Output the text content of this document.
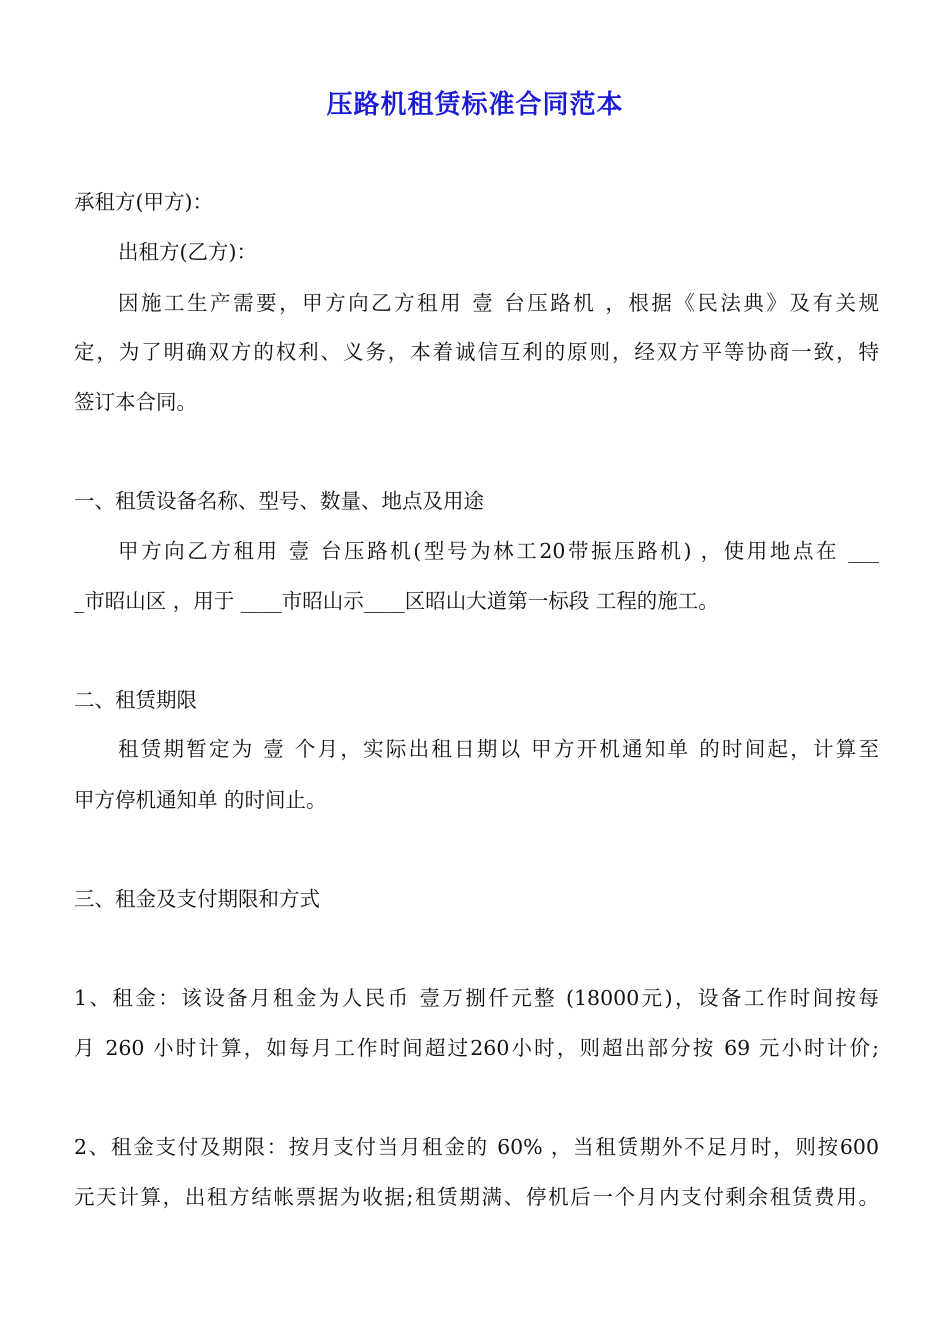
压路机租赁标准合同范本
承租方(甲方)：
出租方(乙方)：
因施工生产需要，甲方向乙方租用 壹 台压路机 ，根据《民法典》及有关规
定，为了明确双方的权利、义务，本着诚信互利的原则，经双方平等协商一致，特
签订本合同。
一、租赁设备名称、型号、数量、地点及用途
甲方向乙方租用 壹 台压路机(型号为林工20带振压路机) ，使用地点在 ___
_市昭山区 ，用于 ____市昭山示____区昭山大道第一标段 工程的施工。
二、租赁期限
租赁期暂定为 壹 个月，实际出租日期以 甲方开机通知单 的时间起，计算至
甲方停机通知单 的时间止。
三、租金及支付期限和方式
1、租金：该设备月租金为人民币 壹万捌仟元整 (18000元)，设备工作时间按每
月 260 小时计算，如每月工作时间超过260小时，则超出部分按 69 元小时计价;
2、租金支付及期限：按月支付当月租金的 60% ，当租赁期外不足月时，则按600
元天计算，出租方结帐票据为收据;租赁期满、停机后一个月内支付剩余租赁费用。
